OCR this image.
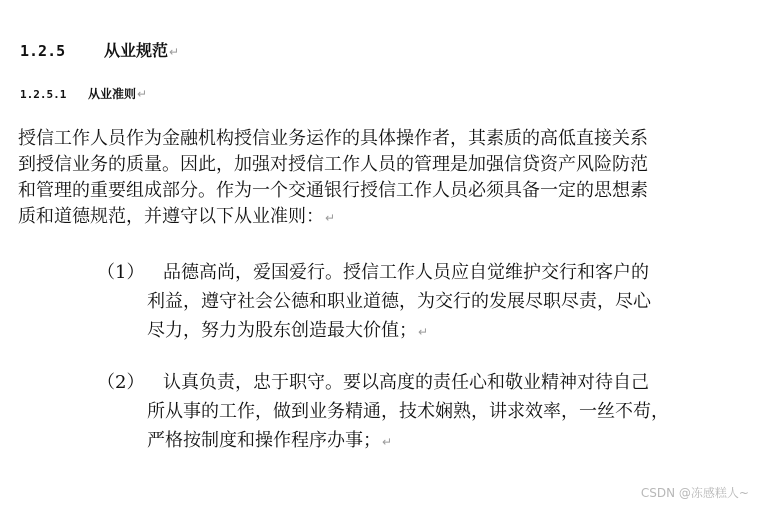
1.2.5 从业规范↵
1.2.5.1 从业准则↵
授信工作人员作为金融机构授信业务运作的具体操作者，其素质的高低直接关系
到授信业务的质量。因此，加强对授信工作人员的管理是加强信贷资产风险防范
和管理的重要组成部分。作为一个交通银行授信工作人员必须具备一定的思想素
质和道德规范，并遵守以下从业准则：↵
（1） 品德高尚，爱国爱行。授信工作人员应自觉维护交行和客户的
利益，遵守社会公德和职业道德，为交行的发展尽职尽责，尽心
尽力，努力为股东创造最大价值；↵
（2） 认真负责，忠于职守。要以高度的责任心和敬业精神对待自己
所从事的工作，做到业务精通，技术娴熟，讲求效率，一丝不苟，
严格按制度和操作程序办事；↵
CSDN @冻感糕人~
